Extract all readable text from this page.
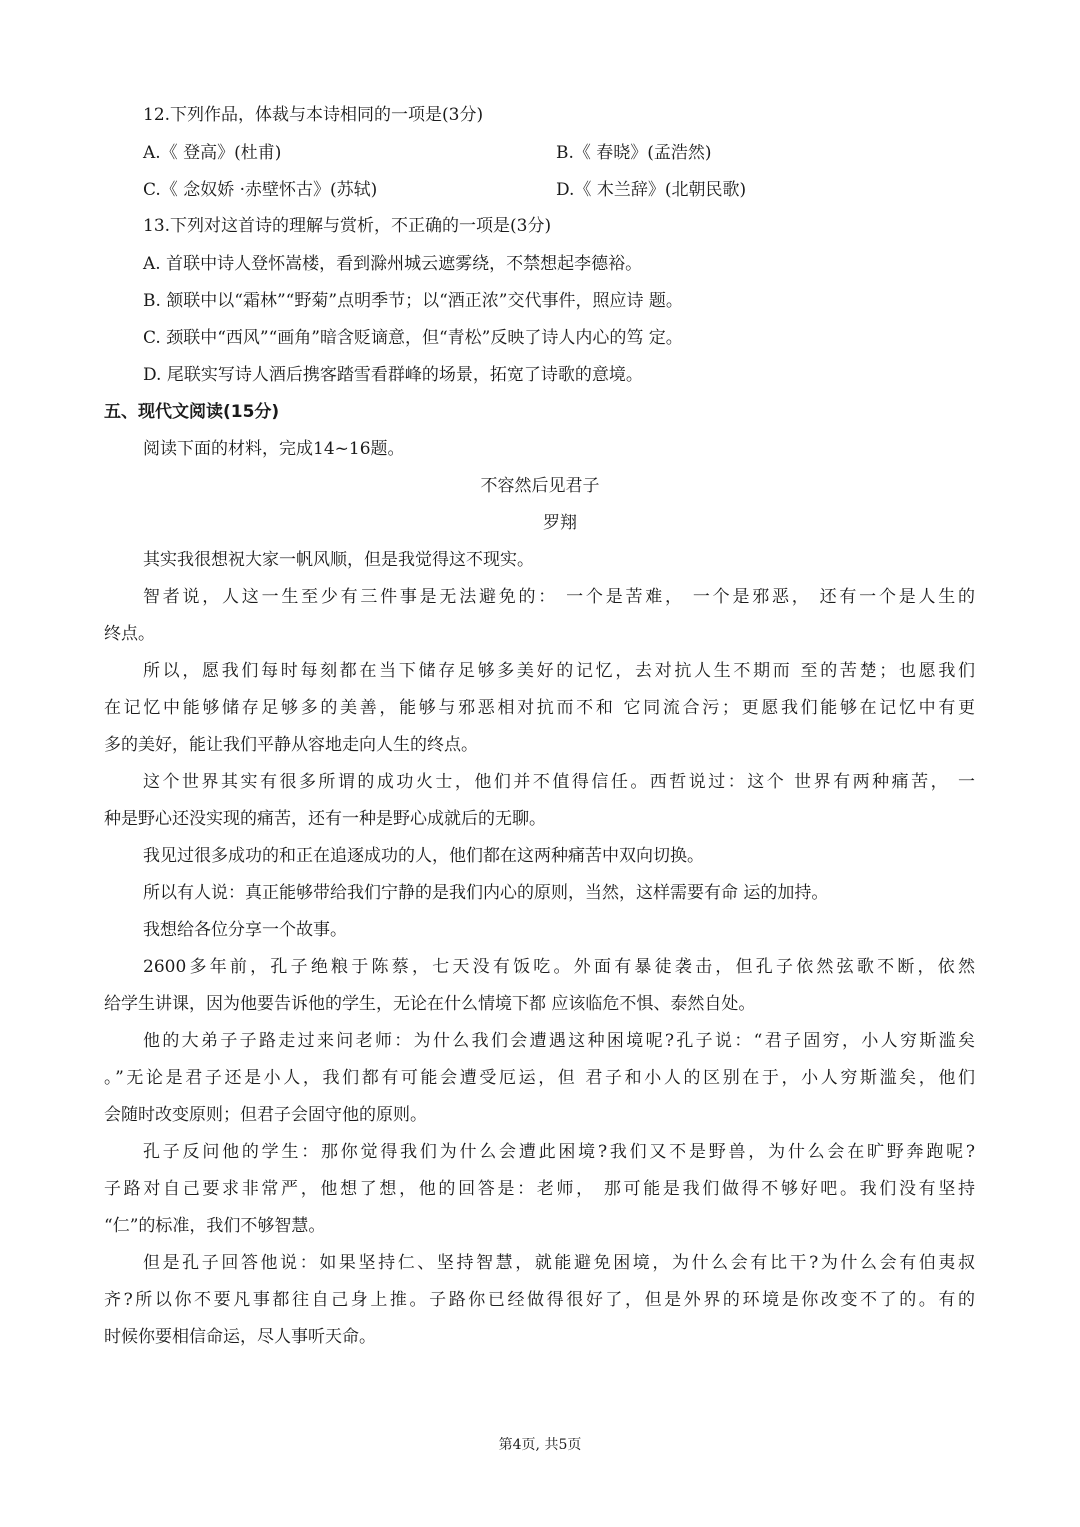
12.下列作品，体裁与本诗相同的一项是(3分)
A.《 登高》(杜甫)	B.《 春晓》(孟浩然)
C.《 念奴娇 ·赤壁怀古》(苏轼)	D.《 木兰辞》(北朝民歌)
13.下列对这首诗的理解与赏析，不正确的一项是(3分)
A. 首联中诗人登怀嵩楼，看到滁州城云遮雾绕，不禁想起李德裕。
B. 颔联中以“霜林”“野菊”点明季节；以“酒正浓”交代事件，照应诗 题。
C. 颈联中“西风”“画角”暗含贬谪意，但“青松”反映了诗人内心的笃 定。
D. 尾联实写诗人酒后携客踏雪看群峰的场景，拓宽了诗歌的意境。
五、现代文阅读(15分)
阅读下面的材料，完成14~16题。
不容然后见君子
罗翔
其实我很想祝大家一帆风顺，但是我觉得这不现实。
智者说，人这一生至少有三件事是无法避免的： 一个是苦难， 一个是邪恶， 还有一个是人生的
终点。
所以，愿我们每时每刻都在当下储存足够多美好的记忆，去对抗人生不期而 至的苦楚；也愿我们
在记忆中能够储存足够多的美善，能够与邪恶相对抗而不和 它同流合污；更愿我们能够在记忆中有更
多的美好，能让我们平静从容地走向人生的终点。
这个世界其实有很多所谓的成功火士，他们并不值得信任。西哲说过：这个 世界有两种痛苦， 一
种是野心还没实现的痛苦，还有一种是野心成就后的无聊。
我见过很多成功的和正在追逐成功的人，他们都在这两种痛苦中双向切换。
所以有人说：真正能够带给我们宁静的是我们内心的原则，当然，这样需要有命 运的加持。
我想给各位分享一个故事。
2600多年前，孔子绝粮于陈蔡，七天没有饭吃。外面有暴徒袭击，但孔子依然弦歌不断，依然
给学生讲课，因为他要告诉他的学生，无论在什么情境下都 应该临危不惧、泰然自处。
他的大弟子子路走过来问老师：为什么我们会遭遇这种困境呢?孔子说：“君子固穷，小人穷斯滥矣
。”无论是君子还是小人，我们都有可能会遭受厄运，但 君子和小人的区别在于，小人穷斯滥矣，他们
会随时改变原则；但君子会固守他的原则。
孔子反问他的学生：那你觉得我们为什么会遭此困境?我们又不是野兽，为什么会在旷野奔跑呢?
子路对自己要求非常严，他想了想，他的回答是：老师， 那可能是我们做得不够好吧。我们没有坚持
“仁”的标准，我们不够智慧。
但是孔子回答他说：如果坚持仁、坚持智慧，就能避免困境，为什么会有比干?为什么会有伯夷叔
齐?所以你不要凡事都往自己身上推。子路你已经做得很好了，但是外界的环境是你改变不了的。有的
时候你要相信命运，尽人事听天命。
第4页, 共5页
